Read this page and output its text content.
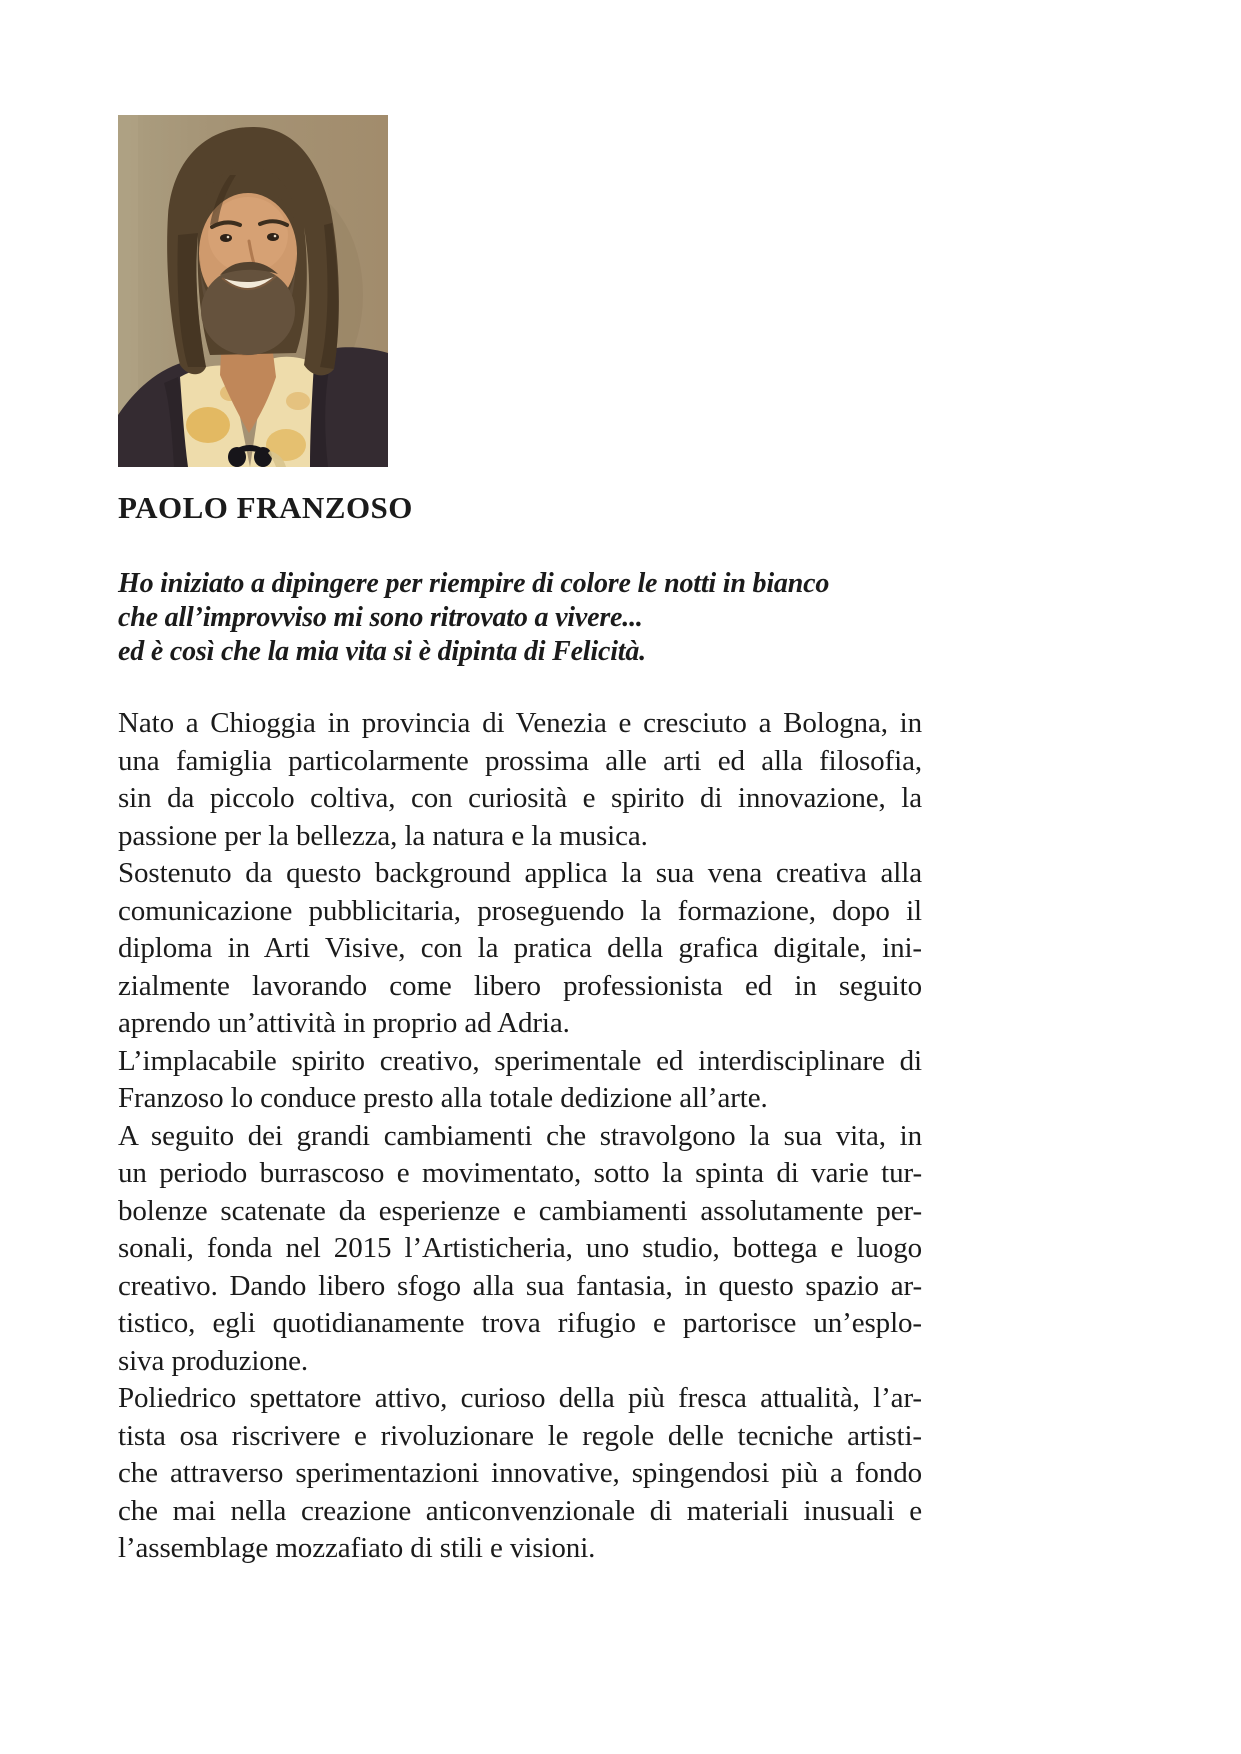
PAOLO FRANZOSO
Ho iniziato a dipingere per riempire di colore le notti in bianco
che all’improvviso mi sono ritrovato a vivere...
ed è così che la mia vita si è dipinta di Felicità.
Nato a Chioggia in provincia di Venezia e cresciuto a Bologna, in
una famiglia particolarmente prossima alle arti ed alla filosofia,
sin da piccolo coltiva, con curiosità e spirito di innovazione, la
passione per la bellezza, la natura e la musica.
Sostenuto da questo background applica la sua vena creativa alla
comunicazione pubblicitaria, proseguendo la formazione, dopo il
diploma in Arti Visive, con la pratica della grafica digitale, ini-
zialmente lavorando come libero professionista ed in seguito
aprendo un’attività in proprio ad Adria.
L’implacabile spirito creativo, sperimentale ed interdisciplinare di
Franzoso lo conduce presto alla totale dedizione all’arte.
A seguito dei grandi cambiamenti che stravolgono la sua vita, in
un periodo burrascoso e movimentato, sotto la spinta di varie tur-
bolenze scatenate da esperienze e cambiamenti assolutamente per-
sonali, fonda nel 2015 l’Artisticheria, uno studio, bottega e luogo
creativo. Dando libero sfogo alla sua fantasia, in questo spazio ar-
tistico, egli quotidianamente trova rifugio e partorisce un’esplo-
siva produzione.
Poliedrico spettatore attivo, curioso della più fresca attualità, l’ar-
tista osa riscrivere e rivoluzionare le regole delle tecniche artisti-
che attraverso sperimentazioni innovative, spingendosi più a fondo
che mai nella creazione anticonvenzionale di materiali inusuali e
l’assemblage mozzafiato di stili e visioni.
